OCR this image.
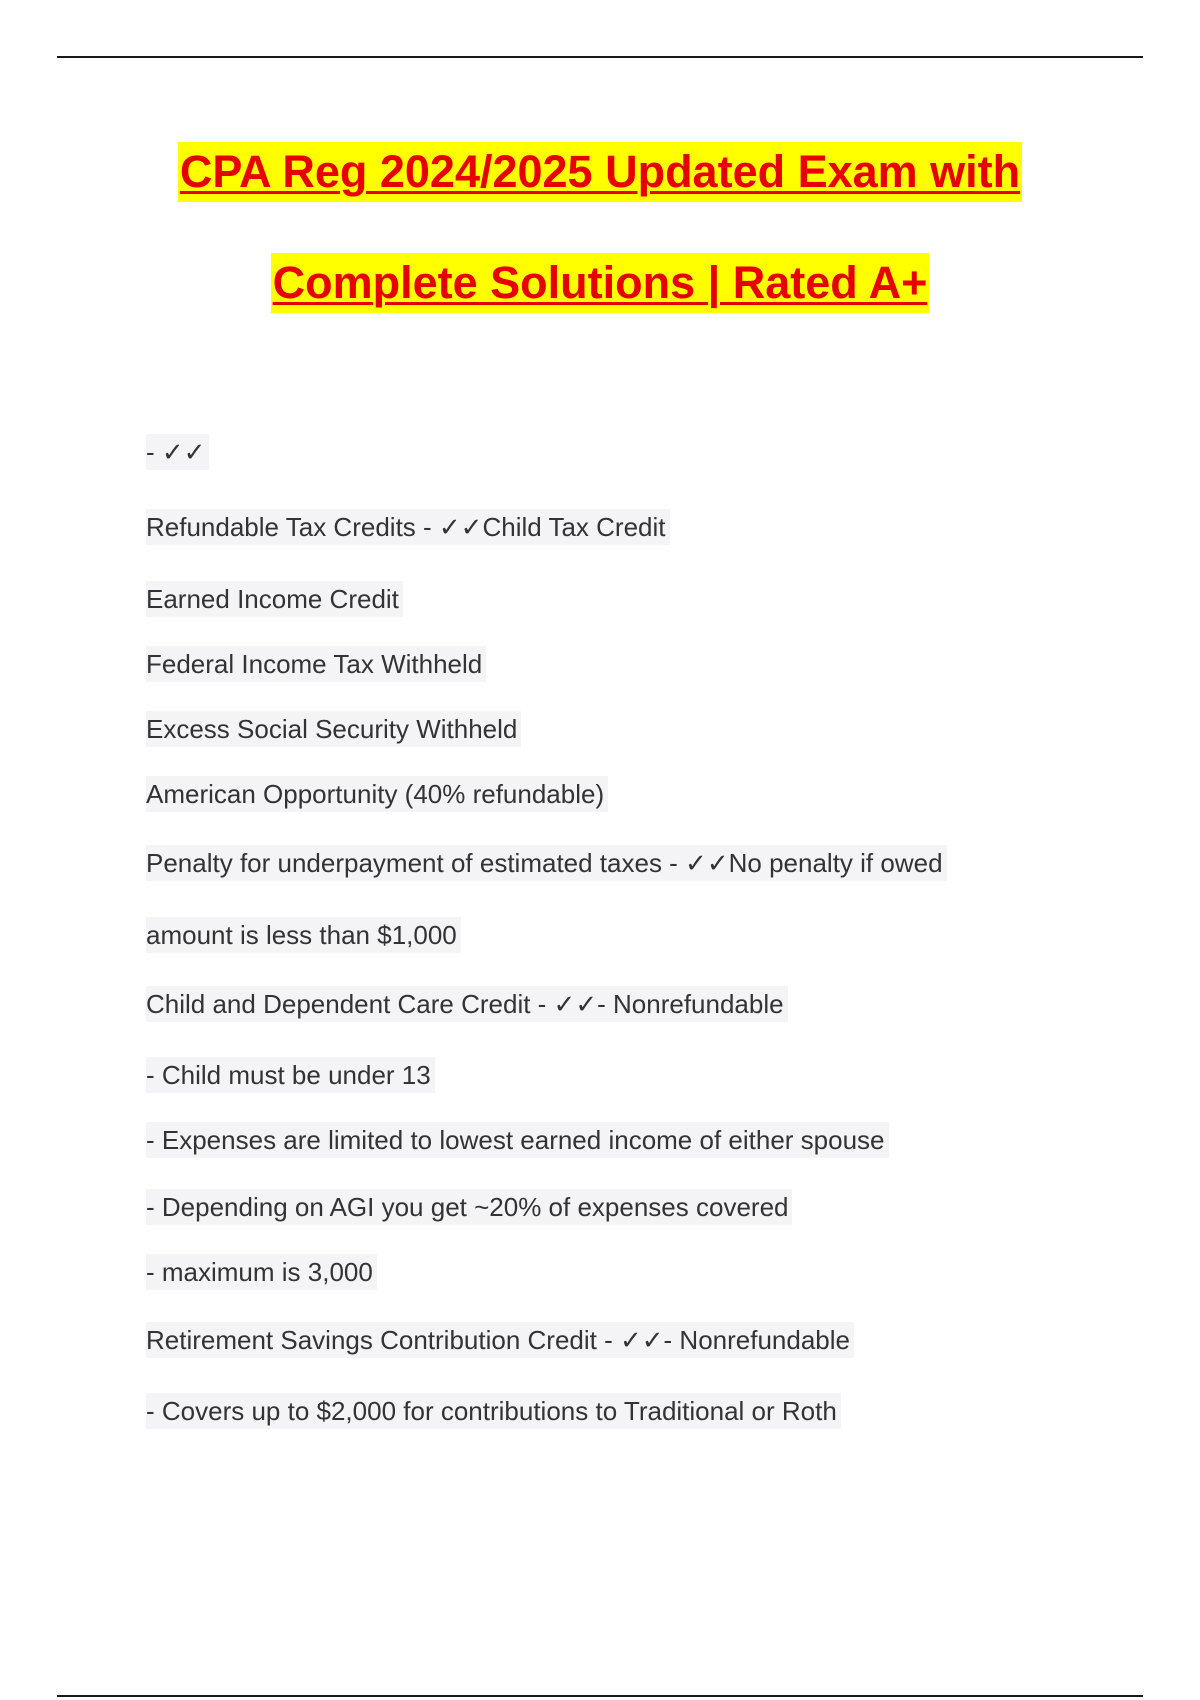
CPA Reg 2024/2025 Updated Exam with
Complete Solutions | Rated A+
- ✓✓
Refundable Tax Credits - ✓✓Child Tax Credit
Earned Income Credit
Federal Income Tax Withheld
Excess Social Security Withheld
American Opportunity (40% refundable)
Penalty for underpayment of estimated taxes - ✓✓No penalty if owed
amount is less than $1,000
Child and Dependent Care Credit - ✓✓- Nonrefundable
- Child must be under 13
- Expenses are limited to lowest earned income of either spouse
- Depending on AGI you get ~20% of expenses covered
- maximum is 3,000
Retirement Savings Contribution Credit - ✓✓- Nonrefundable
- Covers up to $2,000 for contributions to Traditional or Roth
